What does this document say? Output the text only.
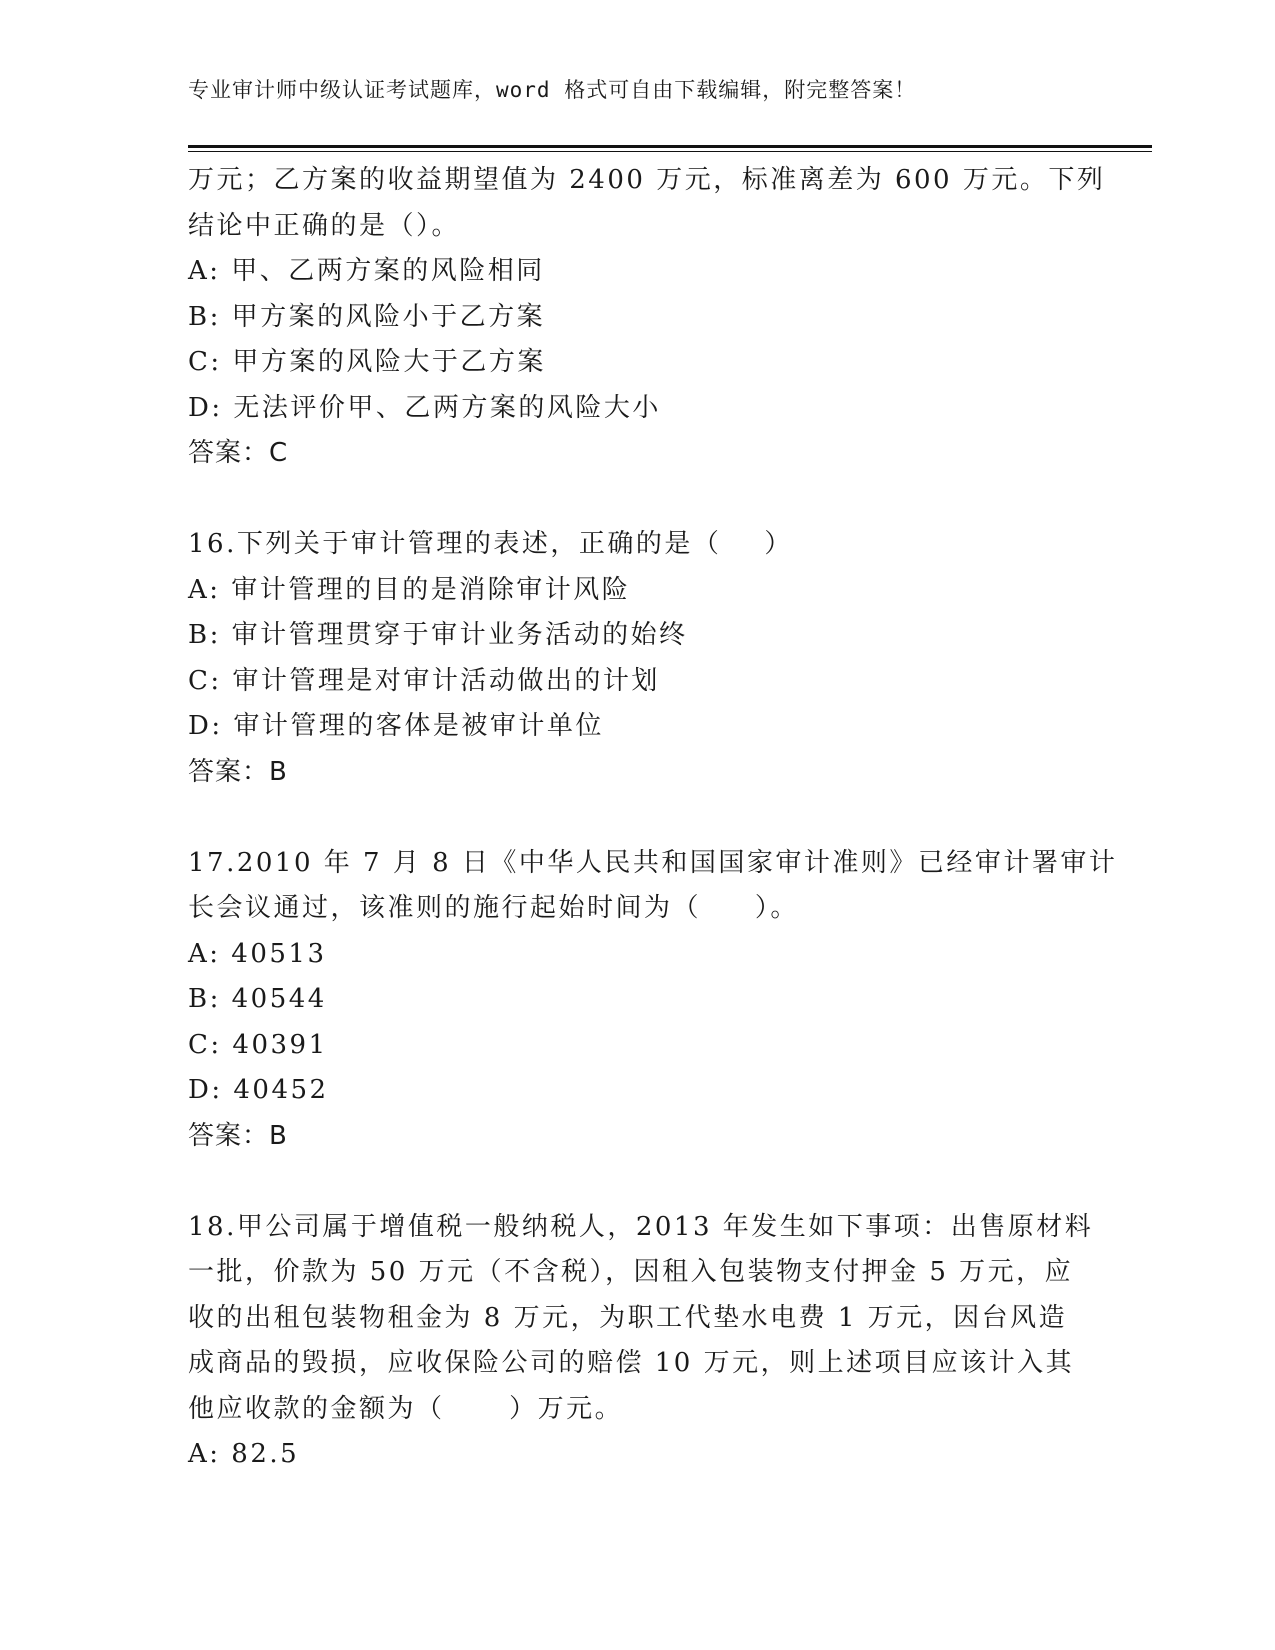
专业审计师中级认证考试题库，word 格式可自由下载编辑，附完整答案！
万元；乙方案的收益期望值为 2400 万元，标准离差为 600 万元。下列
结论中正确的是（）。
A: 甲、乙两方案的风险相同
B: 甲方案的风险小于乙方案
C: 甲方案的风险大于乙方案
D: 无法评价甲、乙两方案的风险大小
答案：C
16.下列关于审计管理的表述，正确的是（    ）
A: 审计管理的目的是消除审计风险
B: 审计管理贯穿于审计业务活动的始终
C: 审计管理是对审计活动做出的计划
D: 审计管理的客体是被审计单位
答案：B
17.2010 年 7 月 8 日《中华人民共和国国家审计准则》已经审计署审计
长会议通过，该准则的施行起始时间为（     ）。
A: 40513
B: 40544
C: 40391
D: 40452
答案：B
18.甲公司属于增值税一般纳税人，2013 年发生如下事项：出售原材料
一批，价款为 50 万元（不含税），因租入包装物支付押金 5 万元，应
收的出租包装物租金为 8 万元，为职工代垫水电费 1 万元，因台风造
成商品的毁损，应收保险公司的赔偿 10 万元，则上述项目应该计入其
他应收款的金额为（      ）万元。
A: 82.5
